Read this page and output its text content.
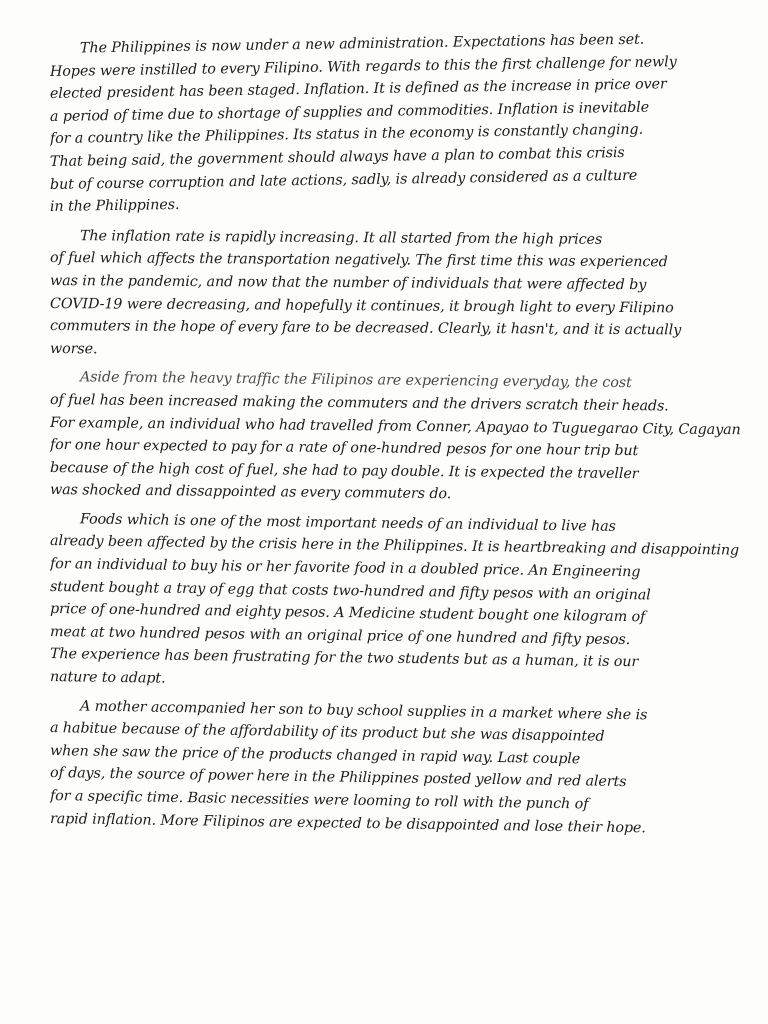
The Philippines is now under a new administration. Expectations has been set.
Hopes were instilled to every Filipino. With regards to this the first challenge for newly
elected president has been staged. Inflation. It is defined as the increase in price over
a period of time due to shortage of supplies and commodities. Inflation is inevitable
for a country like the Philippines. Its status in the economy is constantly changing.
That being said, the government should always have a plan to combat this crisis
but of course corruption and late actions, sadly, is already considered as a culture
in the Philippines.
The inflation rate is rapidly increasing. It all started from the high prices
of fuel which affects the transportation negatively. The first time this was experienced
was in the pandemic, and now that the number of individuals that were affected by
COVID-19 were decreasing, and hopefully it continues, it brough light to every Filipino
commuters in the hope of every fare to be decreased. Clearly, it hasn't, and it is actually
worse.
Aside from the heavy traffic the Filipinos are experiencing everyday, the cost
of fuel has been increased making the commuters and the drivers scratch their heads.
For example, an individual who had travelled from Conner, Apayao to Tuguegarao City, Cagayan
for one hour expected to pay for a rate of one-hundred pesos for one hour trip but
because of the high cost of fuel, she had to pay double. It is expected the traveller
was shocked and dissappointed as every commuters do.
Foods which is one of the most important needs of an individual to live has
already been affected by the crisis here in the Philippines. It is heartbreaking and disappointing
for an individual to buy his or her favorite food in a doubled price. An Engineering
student bought a tray of egg that costs two-hundred and fifty pesos with an original
price of one-hundred and eighty pesos. A Medicine student bought one kilogram of
meat at two hundred pesos with an original price of one hundred and fifty pesos.
The experience has been frustrating for the two students but as a human, it is our
nature to adapt.
A mother accompanied her son to buy school supplies in a market where she is
a habitue because of the affordability of its product but she was disappointed
when she saw the price of the products changed in rapid way. Last couple
of days, the source of power here in the Philippines posted yellow and red alerts
for a specific time. Basic necessities were looming to roll with the punch of
rapid inflation. More Filipinos are expected to be disappointed and lose their hope.
